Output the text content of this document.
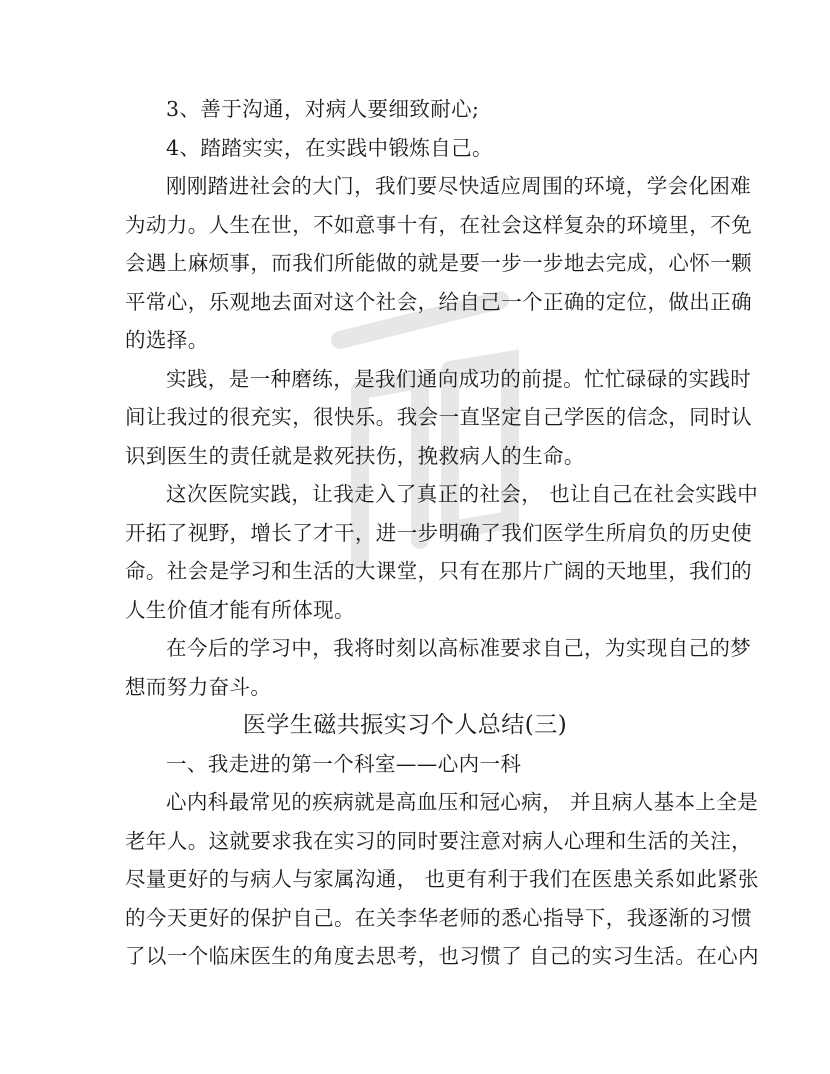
3、善于沟通，对病人要细致耐心;
4、踏踏实实，在实践中锻炼自己。
刚刚踏进社会的大门，我们要尽快适应周围的环境，学会化困难
为动力。人生在世，不如意事十有，在社会这样复杂的环境里，不免
会遇上麻烦事，而我们所能做的就是要一步一步地去完成，心怀一颗
平常心，乐观地去面对这个社会，给自己一个正确的定位，做出正确
的选择。
实践，是一种磨练，是我们通向成功的前提。忙忙碌碌的实践时
间让我过的很充实，很快乐。我会一直坚定自己学医的信念，同时认
识到医生的责任就是救死扶伤，挽救病人的生命。
这次医院实践，让我走入了真正的社会， 也让自己在社会实践中
开拓了视野，增长了才干，进一步明确了我们医学生所肩负的历史使
命。社会是学习和生活的大课堂，只有在那片广阔的天地里，我们的
人生价值才能有所体现。
在今后的学习中，我将时刻以高标准要求自己，为实现自己的梦
想而努力奋斗。
医学生磁共振实习个人总结(三)
一、我走进的第一个科室——心内一科
心内科最常见的疾病就是高血压和冠心病， 并且病人基本上全是
老年人。这就要求我在实习的同时要注意对病人心理和生活的关注，
尽量更好的与病人与家属沟通， 也更有利于我们在医患关系如此紧张
的今天更好的保护自己。在关李华老师的悉心指导下，我逐渐的习惯
了以一个临床医生的角度去思考，也习惯了 自己的实习生活。在心内
